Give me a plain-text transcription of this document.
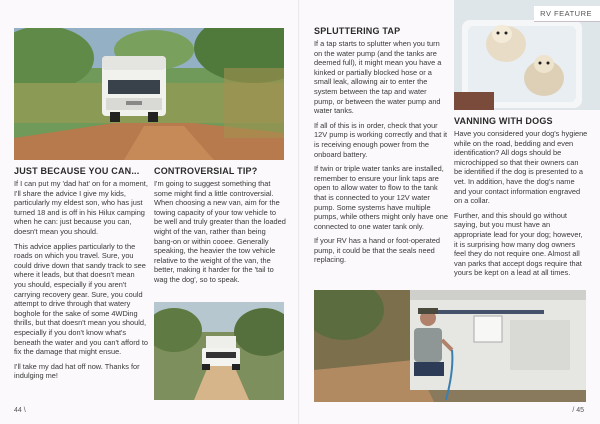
JUST BECAUSE YOU CAN...

If I can put my 'dad hat' on for a moment, I'll share the advice I give my kids, particularly my eldest son, who has just turned 18 and is off in his Hilux camping when he can: just because you can, doesn't mean you should.

This advice applies particularly to the roads on which you travel. Sure, you could drive down that sandy track to see where it leads, but that doesn't mean you should, especially if you aren't carrying recovery gear. Sure, you could attempt to drive through that watery boghole for the sake of some 4WDing thrills, but that doesn't mean you should, especially if you don't know what's beneath the water and you can't afford to fix the damage that might ensue.

I'll take my dad hat off now. Thanks for indulging me!

CONTROVERSIAL TIP?

I'm going to suggest something that some might find a little controversial. When choosing a new van, aim for the towing capacity of your tow vehicle to be well and truly greater than the loaded wight of the van, rather than being bang-on or within cooee. Generally speaking, the heavier the tow vehicle relative to the weight of the van, the better, making it harder for the 'tail to wag the dog', so to speak.

44 \
SPLUTTERING TAP

If a tap starts to splutter when you turn on the water pump (and the tanks are deemed full), it might mean you have a kinked or partially blocked hose or a small leak, allowing air to enter the system between the tap and water pump, or between the water pump and water tanks.

If all of this is in order, check that your 12V pump is working correctly and that it is receiving enough power from the onboard battery.

If twin or triple water tanks are installed, remember to ensure your link taps are open to allow water to flow to the tank that is connected to your 12V water pump. Some systems have multiple pumps, while others might only have one connected to one water tank only.

If your RV has a hand or foot-operated pump, it could be that the seals need replacing.

RV FEATURE
VANNING WITH DOGS

Have you considered your dog's hygiene while on the road, bedding and even identification? All dogs should be microchipped so that their owners can be identified if the dog is presented to a vet. In addition, have the dog's name and your contact information engraved on a collar.

Further, and this should go without saying, but you must have an appropriate lead for your dog; however, it is surprising how many dog owners feel they do not require one. Almost all van parks that accept dogs require that yours be kept on a lead at all times.

/ 45
